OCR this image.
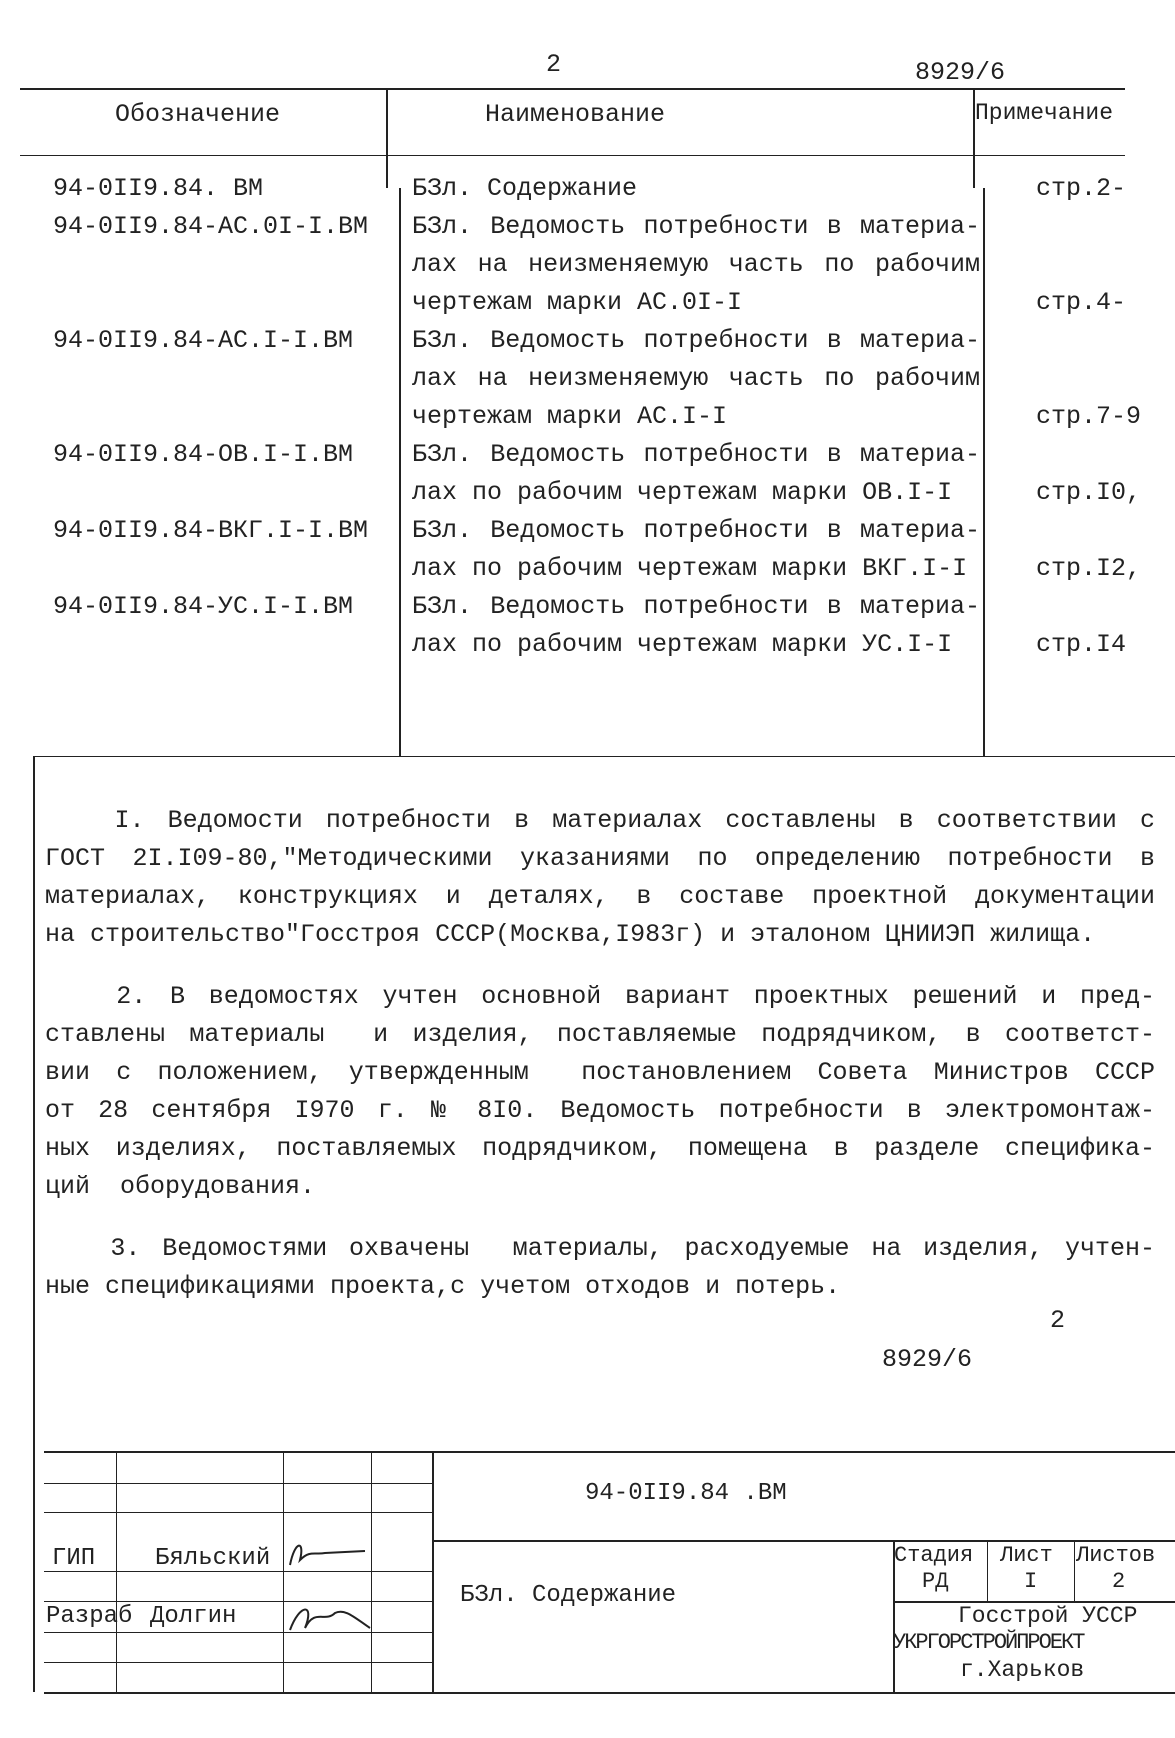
2	8929/6
Обозначение	Наименование	Примечание
94-0II9.84. ВМ	БЗл. Содержание	стр.2-
94-0II9.84-АС.0I-I.ВМ	БЗл. Ведомость потребности в материа-
лах на неизменяемую часть по рабочим
чертежам марки АС.0I-I	стр.4-
94-0II9.84-АС.I-I.ВМ	БЗл. Ведомость потребности в материа-
лах на неизменяемую часть по рабочим
чертежам марки АС.I-I	стр.7-9
94-0II9.84-ОВ.I-I.ВМ	БЗл. Ведомость потребности в материа-
лах по рабочим чертежам марки ОВ.I-I	стр.I0,
94-0II9.84-ВКГ.I-I.ВМ	БЗл. Ведомость потребности в материа-
лах по рабочим чертежам марки ВКГ.I-I	стр.I2,
94-0II9.84-УС.I-I.ВМ	БЗл. Ведомость потребности в материа-
лах по рабочим чертежам марки УС.I-I	стр.I4
I. Ведомости потребности в материалах составлены в соответствии с
ГОСТ 2I.I09-80,"Методическими указаниями по определению потребности в
материалах, конструкциях и деталях, в составе проектной документации
на строительство"Госстроя СССР(Москва,I983г) и эталоном ЦНИИЭП жилища.
2. В ведомостях учтен основной вариант проектных решений и пред-
ставлены материалы  и изделия, поставляемые подрядчиком, в соответст-
вии с положением, утвержденным  постановлением Совета Министров СССР
от 28 сентября I970 г. № 8I0. Ведомость потребности в электромонтаж-
ных изделиях, поставляемых подрядчиком, помещена в разделе специфика-
ций  оборудования.
3. Ведомостями охвачены  материалы, расходуемые на изделия, учтен-
ные спецификациями проекта,с учетом отходов и потерь.
2
8929/6
94-0II9.84 .ВМ
БЗл. Содержание
ГИП Бяльский
Разраб Долгин
Стадия Лист Листов
РД	I	2
Госстрой УССР
УКРГОРСТРОЙПРОЕКТ
г.Харьков
